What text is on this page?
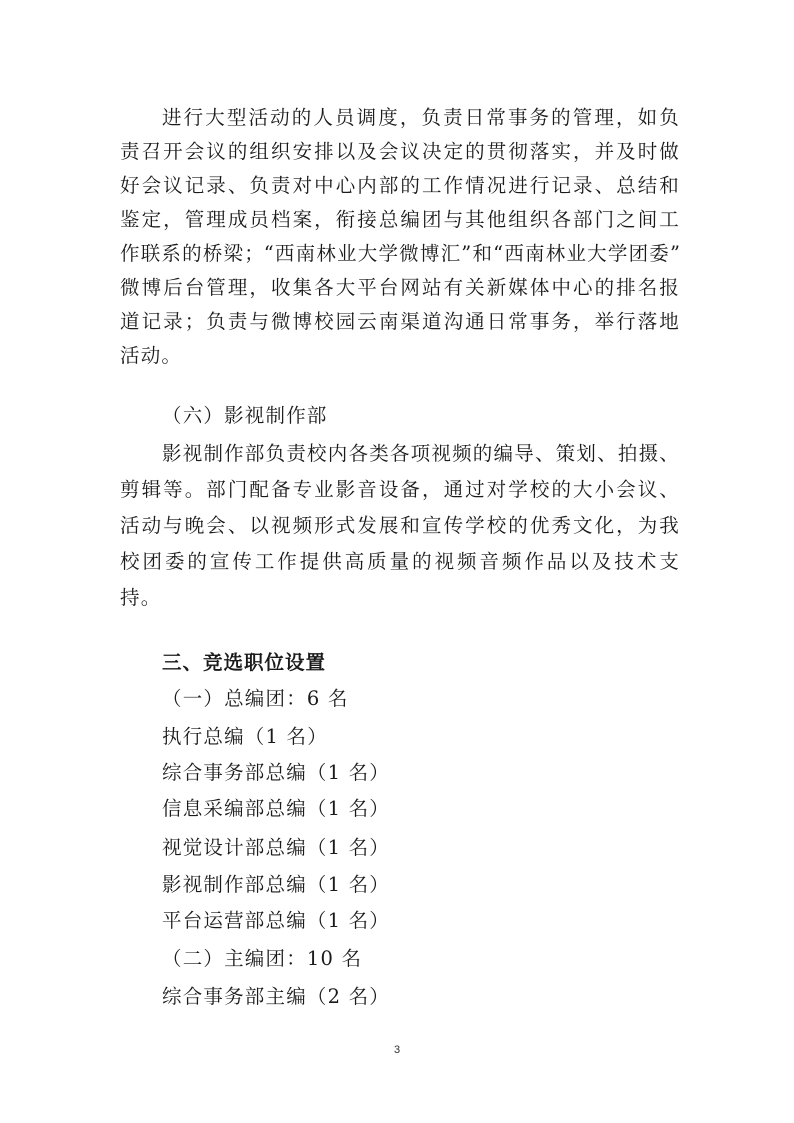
进行大型活动的人员调度，负责日常事务的管理，如负
责召开会议的组织安排以及会议决定的贯彻落实，并及时做
好会议记录、负责对中心内部的工作情况进行记录、总结和
鉴定，管理成员档案，衔接总编团与其他组织各部门之间工
作联系的桥梁；“西南林业大学微博汇”和“西南林业大学团委”
微博后台管理，收集各大平台网站有关新媒体中心的排名报
道记录；负责与微博校园云南渠道沟通日常事务，举行落地
活动。

（六）影视制作部

影视制作部负责校内各类各项视频的编导、策划、拍摄、
剪辑等。部门配备专业影音设备，通过对学校的大小会议、
活动与晚会、以视频形式发展和宣传学校的优秀文化，为我
校团委的宣传工作提供高质量的视频音频作品以及技术支
持。

三、竞选职位设置

（一）总编团：6 名

执行总编（1 名）

综合事务部总编（1 名）

信息采编部总编（1 名）

视觉设计部总编（1 名）

影视制作部总编（1 名）

平台运营部总编（1 名）

（二）主编团：10 名

综合事务部主编（2 名）

3
